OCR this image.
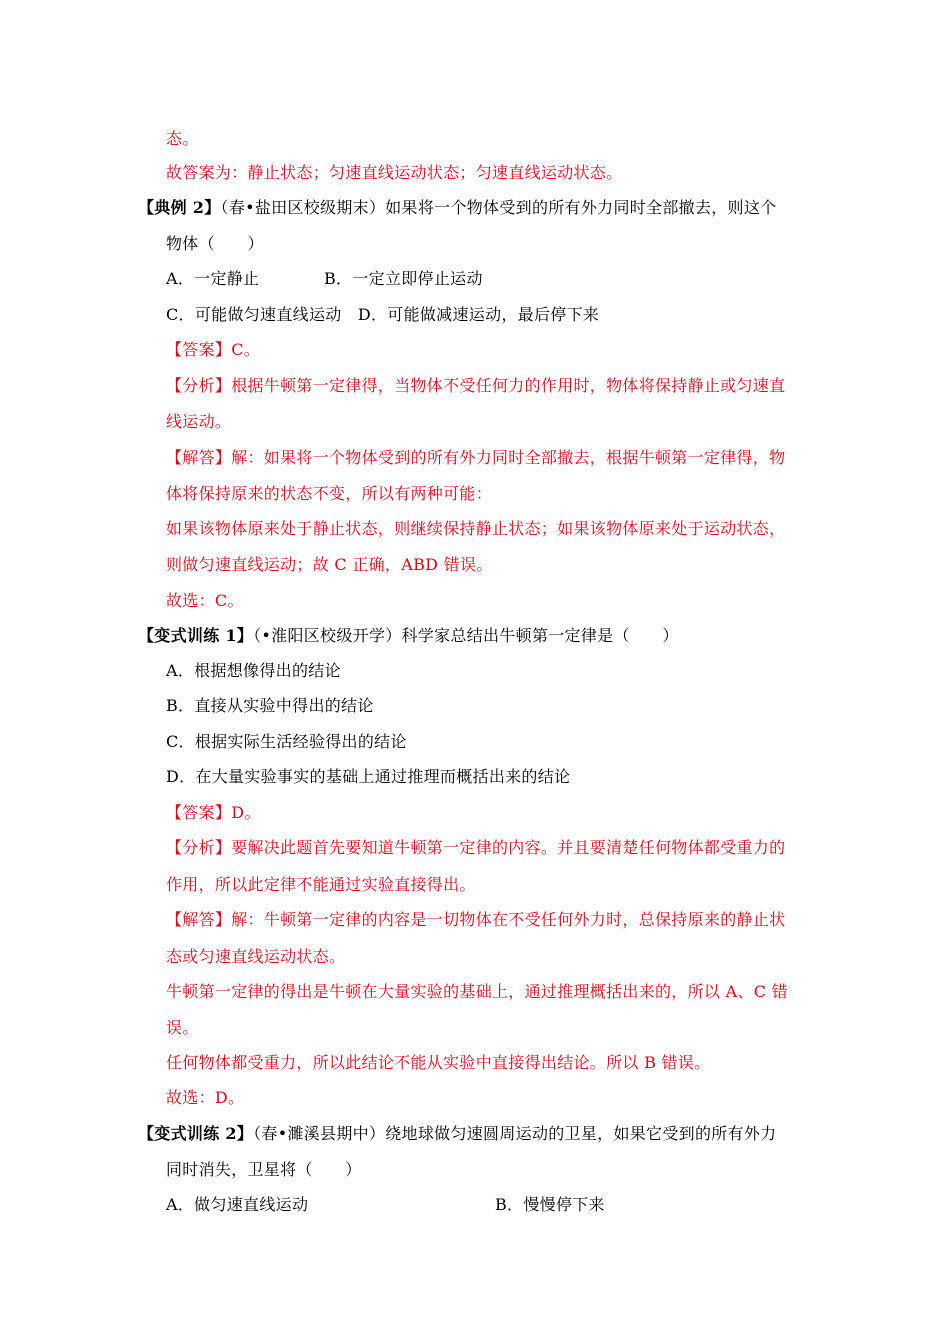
态。
故答案为：静止状态；匀速直线运动状态；匀速直线运动状态。
【典例 2】（春•盐田区校级期末）如果将一个物体受到的所有外力同时全部撤去，则这个
物体（　　）
A．一定静止	B．一定立即停止运动
C．可能做匀速直线运动　D．可能做减速运动，最后停下来
【答案】C。
【分析】根据牛顿第一定律得，当物体不受任何力的作用时，物体将保持静止或匀速直
线运动。
【解答】解：如果将一个物体受到的所有外力同时全部撤去，根据牛顿第一定律得，物
体将保持原来的状态不变，所以有两种可能：
如果该物体原来处于静止状态，则继续保持静止状态；如果该物体原来处于运动状态，
则做匀速直线运动；故 C 正确，ABD 错误。
故选：C。
【变式训练 1】（•淮阳区校级开学）科学家总结出牛顿第一定律是（　　）
A．根据想像得出的结论
B．直接从实验中得出的结论
C．根据实际生活经验得出的结论
D．在大量实验事实的基础上通过推理而概括出来的结论
【答案】D。
【分析】要解决此题首先要知道牛顿第一定律的内容。并且要清楚任何物体都受重力的
作用，所以此定律不能通过实验直接得出。
【解答】解：牛顿第一定律的内容是一切物体在不受任何外力时，总保持原来的静止状
态或匀速直线运动状态。
牛顿第一定律的得出是牛顿在大量实验的基础上，通过推理概括出来的，所以 A、C 错
误。
任何物体都受重力，所以此结论不能从实验中直接得出结论。所以 B 错误。
故选：D。
【变式训练 2】（春•濉溪县期中）绕地球做匀速圆周运动的卫星，如果它受到的所有外力
同时消失，卫星将（　　）
A．做匀速直线运动	B．慢慢停下来
